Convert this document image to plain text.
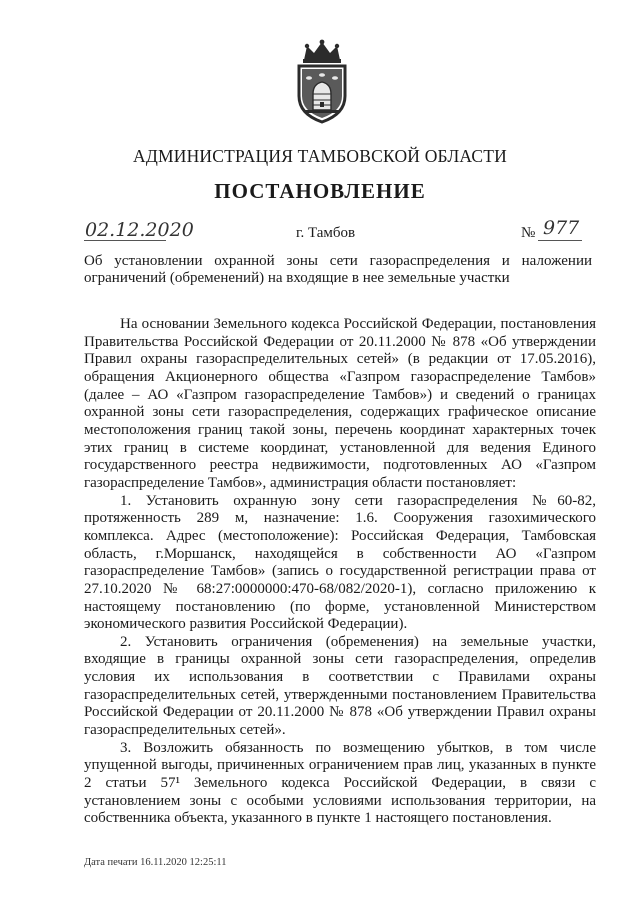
АДМИНИСТРАЦИЯ ТАМБОВСКОЙ ОБЛАСТИ
ПОСТАНОВЛЕНИЕ
02.12.2020	г. Тамбов	№ 977
Об установлении охранной зоны сети газораспределения и наложении ограничений (обременений) на входящие в нее земельные участки

На основании Земельного кодекса Российской Федерации, постановления Правительства Российской Федерации от 20.11.2000 № 878 «Об утверждении Правил охраны газораспределительных сетей» (в редакции от 17.05.2016), обращения Акционерного общества «Газпром газораспределение Тамбов» (далее – АО «Газпром газораспределение Тамбов») и сведений о границах охранной зоны сети газораспределения, содержащих графическое описание местоположения границ такой зоны, перечень координат характерных точек этих границ в системе координат, установленной для ведения Единого государственного реестра недвижимости, подготовленных АО «Газпром газораспределение Тамбов», администрация области постановляет:

1. Установить охранную зону сети газораспределения №60-82, протяженность 289 м, назначение: 1.6. Сооружения газохимического комплекса. Адрес (местоположение): Российская Федерация, Тамбовская область, г.Моршанск, находящейся в собственности АО «Газпром газораспределение Тамбов» (запись о государственной регистрации права от 27.10.2020 № 68:27:0000000:470-68/082/2020-1), согласно приложению к настоящему постановлению (по форме, установленной Министерством экономического развития Российской Федерации).

2. Установить ограничения (обременения) на земельные участки, входящие в границы охранной зоны сети газораспределения, определив условия их использования в соответствии с Правилами охраны газораспределительных сетей, утвержденными постановлением Правительства Российской Федерации от 20.11.2000 № 878 «Об утверждении Правил охраны газораспределительных сетей».

3. Возложить обязанность по возмещению убытков, в том числе упущенной выгоды, причиненных ограничением прав лиц, указанных в пункте 2 статьи 57¹ Земельного кодекса Российской Федерации, в связи с установлением зоны с особыми условиями использования территории, на собственника объекта, указанного в пункте 1 настоящего постановления.

Дата печати 16.11.2020 12:25:11
